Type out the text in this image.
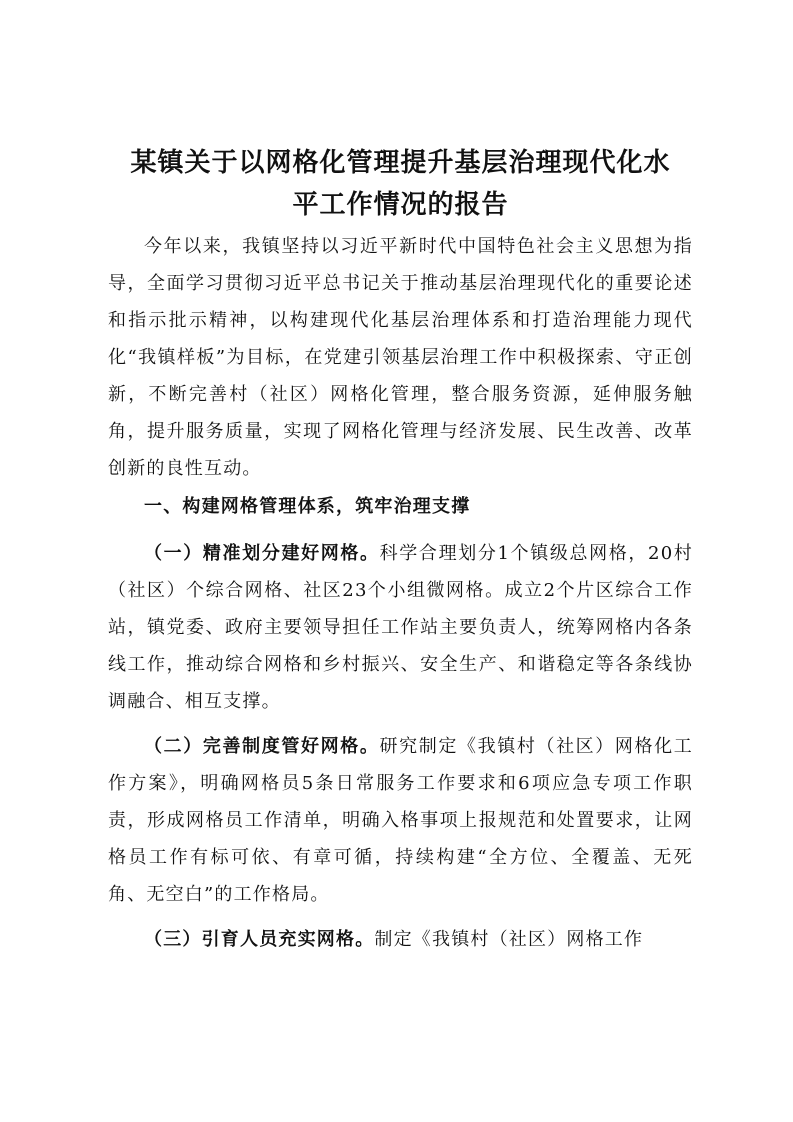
某镇关于以网格化管理提升基层治理现代化水
平工作情况的报告

今年以来，我镇坚持以习近平新时代中国特色社会主义思想为指导，全面学习贯彻习近平总书记关于推动基层治理现代化的重要论述和指示批示精神，以构建现代化基层治理体系和打造治理能力现代化“我镇样板”为目标，在党建引领基层治理工作中积极探索、守正创新，不断完善村（社区）网格化管理，整合服务资源，延伸服务触角，提升服务质量，实现了网格化管理与经济发展、民生改善、改革创新的良性互动。

一、构建网格管理体系，筑牢治理支撑

（一）精准划分建好网格。科学合理划分1个镇级总网格，20村（社区）个综合网格、社区23个小组微网格。成立2个片区综合工作站，镇党委、政府主要领导担任工作站主要负责人，统筹网格内各条线工作，推动综合网格和乡村振兴、安全生产、和谐稳定等各条线协调融合、相互支撑。

（二）完善制度管好网格。研究制定《我镇村（社区）网格化工作方案》，明确网格员5条日常服务工作要求和6项应急专项工作职责，形成网格员工作清单，明确入格事项上报规范和处置要求，让网格员工作有标可依、有章可循，持续构建“全方位、全覆盖、无死角、无空白”的工作格局。

（三）引育人员充实网格。制定《我镇村（社区）网格工作
